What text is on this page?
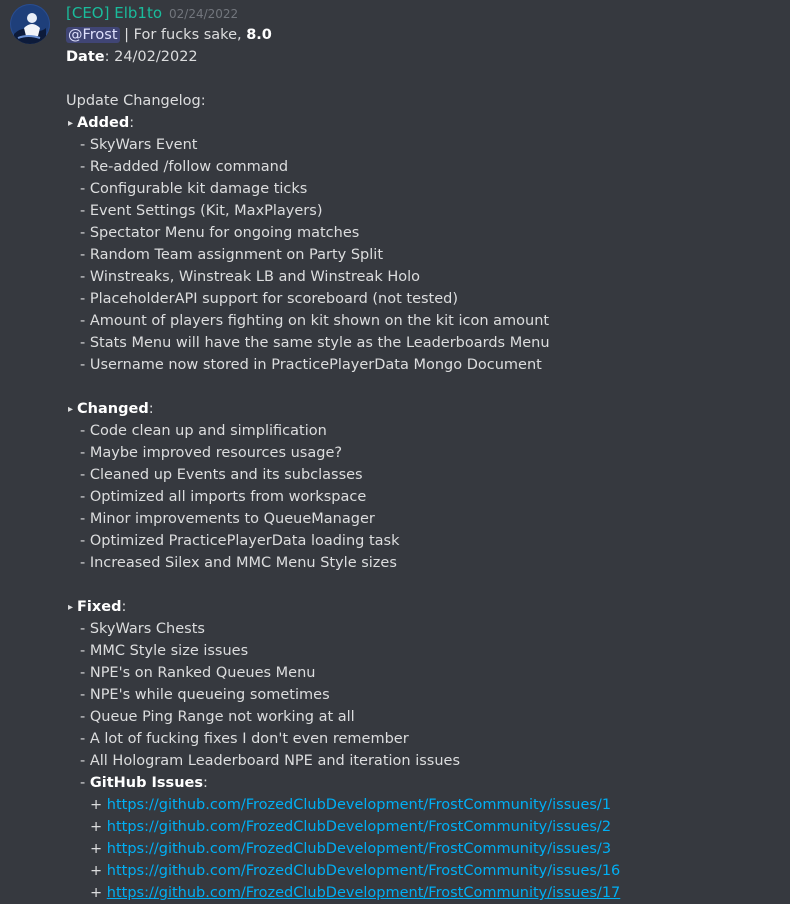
[CEO] Elb1to 02/24/2022
@Frost | For fucks sake, 8.0
Date: 24/02/2022
Update Changelog:
▸ Added:
- SkyWars Event
- Re-added /follow command
- Configurable kit damage ticks
- Event Settings (Kit, MaxPlayers)
- Spectator Menu for ongoing matches
- Random Team assignment on Party Split
- Winstreaks, Winstreak LB and Winstreak Holo
- PlaceholderAPI support for scoreboard (not tested)
- Amount of players fighting on kit shown on the kit icon amount
- Stats Menu will have the same style as the Leaderboards Menu
- Username now stored in PracticePlayerData Mongo Document
▸ Changed:
- Code clean up and simplification
- Maybe improved resources usage?
- Cleaned up Events and its subclasses
- Optimized all imports from workspace
- Minor improvements to QueueManager
- Optimized PracticePlayerData loading task
- Increased Silex and MMC Menu Style sizes
▸ Fixed:
- SkyWars Chests
- MMC Style size issues
- NPE's on Ranked Queues Menu
- NPE's while queueing sometimes
- Queue Ping Range not working at all
- A lot of fucking fixes I don't even remember
- All Hologram Leaderboard NPE and iteration issues
- GitHub Issues:
+ https://github.com/FrozedClubDevelopment/FrostCommunity/issues/1
+ https://github.com/FrozedClubDevelopment/FrostCommunity/issues/2
+ https://github.com/FrozedClubDevelopment/FrostCommunity/issues/3
+ https://github.com/FrozedClubDevelopment/FrostCommunity/issues/16
+ https://github.com/FrozedClubDevelopment/FrostCommunity/issues/17
